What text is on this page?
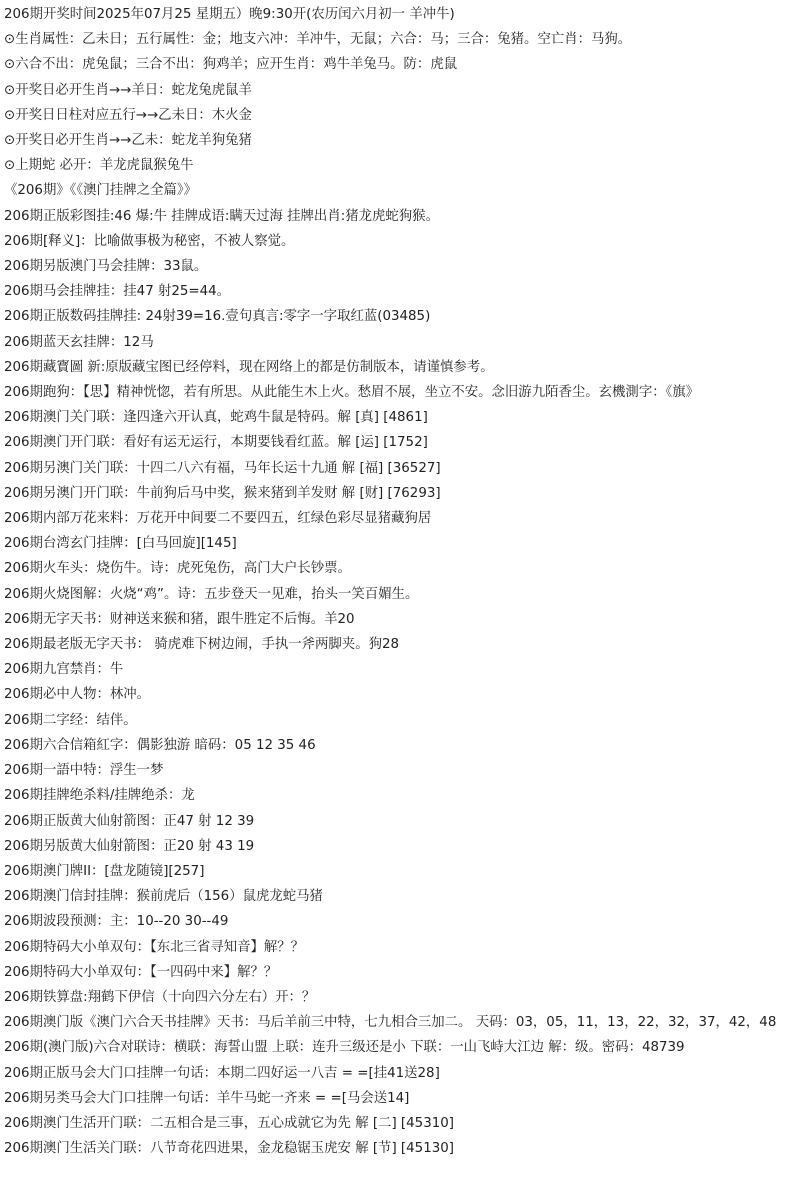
206期开奖时间2025年07月25 星期五）晚9:30开(农历闰六月初一 羊冲牛)
⊙生肖属性：乙未日；五行属性：金；地支六冲：羊冲牛，无鼠；六合：马；三合：兔猪。空亡肖：马狗。
⊙六合不出：虎兔鼠；三合不出：狗鸡羊；应开生肖：鸡牛羊兔马。防：虎鼠
⊙开奖日必开生肖→→羊日：蛇龙兔虎鼠羊
⊙开奖日日柱对应五行→→乙未日：木火金
⊙开奖日必开生肖→→乙未：蛇龙羊狗兔猪
⊙上期蛇 必开：羊龙虎鼠猴兔牛
《206期》《《澳门挂牌之全篇》》
206期正版彩图挂:46 爆:牛 挂牌成语:瞒天过海 挂牌出肖:猪龙虎蛇狗猴。
206期[释义]：比喻做事极为秘密，不被人察觉。
206期另版澳门马会挂牌：33鼠。
206期马会挂牌挂：挂47 射25=44。
206期正版数码挂牌挂: 24射39=16.壹句真言:零字一字取红蓝(03485)
206期蓝天玄挂牌：12马
206期藏寳圖 新:原版藏宝图已经停料，现在网络上的都是仿制版本，请谨慎参考。
206期跑狗：【思】精神恍惚，若有所思。从此能生木上火。愁眉不展，坐立不安。念旧游九陌香尘。玄機測字：《旗》
206期澳门关门联：逢四逢六开认真，蛇鸡牛鼠是特码。解 [真] [4861]
206期澳门开门联：看好有运无运行，本期要钱看红蓝。解 [运] [1752]
206期另澳门关门联：十四二八六有福，马年长运十九通 解 [福] [36527]
206期另澳门开门联：牛前狗后马中奖，猴来猪到羊发财 解 [财] [76293]
206期内部万花来料：万花开中间要二不要四五，红绿色彩尽显猪藏狗居
206期台湾玄门挂牌：[白马回旋][145]
206期火车头：烧伤牛。诗：虎死兔伤，高门大户长钞票。
206期火烧图解：火烧“鸡”。诗：五步登天一见难，抬头一笑百媚生。
206期无字天书：财神送来猴和猪，跟牛胜定不后悔。羊20
206期最老版无字天书： 骑虎难下树边闹，手执一斧两脚夹。狗28
206期九宫禁肖：牛
206期必中人物：林冲。
206期二字经：结伴。
206期六合信箱紅字：偶影独游 暗码：05 12 35 46
206期一語中特：浮生一梦
206期挂牌绝杀料/挂牌绝杀：龙
206期正版黄大仙射箭图：正47 射 12 39
206期另版黄大仙射箭图：正20 射 43 19
206期澳门牌II：[盘龙随镜][257]
206期澳门信封挂牌：猴前虎后（156）鼠虎龙蛇马猪
206期波段预测：主：10--20 30--49
206期特码大小单双句：【东北三省寻知音】解？？
206期特码大小单双句：【一四码中来】解？？
206期铁算盘:翔鹤下伊信（十向四六分左右）开：？
206期澳门版《澳门六合天书挂牌》天书：马后羊前三中特，七九相合三加二。 天码：03，05，11，13，22，32，37，42，48
206期(澳门版)六合对联诗：横联：海誓山盟 上联：连升三级还是小 下联：一山飞峙大江边 解：级。密码：48739
206期正版马会大门口挂牌一句话：本期二四好运一八吉 = =[挂41送28]
206期另类马会大门口挂牌一句话：羊牛马蛇一齐来 = =[马会送14]
206期澳门生活开门联：二五相合是三事，五心成就它为先 解 [二] [45310]
206期澳门生活关门联：八节奇花四进果，金龙稳锯玉虎安 解 [节] [45130]
